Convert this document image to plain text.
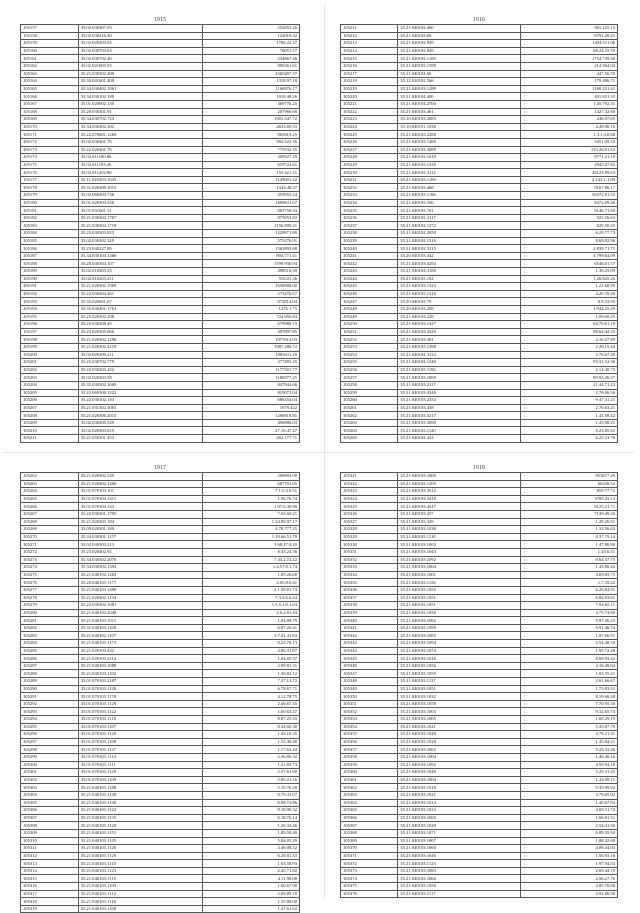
1915
105157	35.02.030307.03	252855.26
105158	35.02.030216.30	122019.32
105159	35.02.020203.02	1706.22.37
105160	35.02.030703.63	76051.57
105161	35.02.030702.46	234867.48
105162	35.02.021003.93	896361.61
105163	35.21.030302.409	2365497.57
105164	35.30.041601.400	1318.97.18
105165	35.34.030402.1861	1166976.17
105166	35.34.030102.189	1018.48.26
105167	35.01.020602.130	469776.25
105168	35.20.030301.91	207966.68
105169	35.34.030702.723	1901.547.72
105170	35.34.030302.102	2633.69.53
105171	35.22.070601.1269	865819.25
105172	35.02.030401.76	992.522.36
105173	35.22.020401.76	775932.35
105174	35.02.011100.86	209527.29
105175	35.02.011103.26	619722.61
105176	35.02.011202.80	155.421.31
105177	35.11.020203.1045	1149601.42
105178	35.31.020200.1015	1343.48.37
105179	35.02.060203.736	459955.24
105180	35.01.020303.336	1688611.67
105181	35.01.031601.51	865758.33
105182	35.21.030304.1767	875653.82
105183	35.21.030304.1719	1156.899.21
105184	35.25.030303.823	1229971.80
105185	35.02.030202.329	575276.91
105186	35.23.040227.89	1562893.68
105187	35.34.030104.1466	804.771.41
105188	35.20.040304.107	1599.936.94
105189	35.02.010203.23	498516.39
105190	35.02.010203.211	916.01.36
105191	35.21.020302.1969	1658908.00
105192	35.22.030204.461	273276.67
105193	35.35.020601.67	872814.04
105194	35.35.030401.1761	1276.1.75
105195	35.25.020502.298	724.956.84
105196	35.25.030208.45	679988.19
105197	35.23.020305.666	497897.85
105198	35.21.020302.1296	1977614.03
105199	35.21.020302.4219	1987.286.72
105200	35.02.020209.211	1083411.29
105201	35.25.030702.779	477495.45
105202	35.22.030203.422	1177301.77
105203	35.02.020303.58	1186977.25
105204	35.35.030302.1669	847944.66
105205	35.22.060306.1222	819072.04
105206	35.22.030102.110	686354.04
105207	35.21.031302.1063	1679.422
105208	35.21.020306.2015	1286818.81
105209	35.02.030209.549	496886.03
105210	35.02.020303.819	27.16.47.47
105211	35.21.050101.453	262.177.71
1916
105211	35.21.040102.460	961.125.13
105212	35.21.040103.66	6791.20.21
105213	35.21.020102.849	1494.511.06
105214	35.21.040102.849	68.24.35.70
105215	35.21.020102.1109	1754.739.40
105216	35.21.040103.1599	214.564.04
105217	35.21.040104.60	447.56.59
105218	35.12.020102.566	179.486.71
105219	35.21.040103.1289	1168.251.41
105220	35.21.040104.400	491.651.35
105221	35.21.040104.2700	1.45.792.31
105222	35.21.040103.461	1427.32.60
105223	35.10.040103.2085	246.97.65
105224	35.10.040101.1030	4.49.96.16
105225	35.21.040103.2288	1.3.1.3.0.68
105226	35.21.040103.1460	3451.09.33
105227	35.21.040103.3089	153.26.01.63
105228	35.21.040103.1019	8771.21.19
105229	35.21.040103.1339	2945.07.82
105230	35.21.040103.3112	26123.89.63
105231	35.21.040103.1169	2.143.1.1.09
105232	35.21.040103.468	9167.86.17
105233	35.21.040103.1166	56372.81.55
105234	35.21.040103.166	8472.09.46
105235	35.21.040103.701	9146.71.69
105236	35.21.040102.3117	925.56.63
105237	35.21.040102.1272	629.50.25
105238	35.21.040102.2950	6.29.77.73
105239	35.21.040102.1316	8.69.92.96
105240	35.21.040102.3315	2.839.71.71
105241	35.20.040103.342	4.799.64.09
105242	35.21.040103.3294	6546.01.57
105243	35.21.040104.3180	1.36.25.09
105244	35.21.040103.182	1.20.825.26
105245	35.21.040103.1323	1.21.68.99
105246	35.21.040103.1316	4.20.70.40
105247	35.20.040103.79	8.9.33.95
105248	35.20.040103.208	1.944.25.29
105249	35.21.040103.228	1.09.60.25
105250	35.21.040103.1427	64.70.61.19
105251	35.21.040103.3220	98.64.44.33
105252	35.21.040103.301	4.16.27.89
105253	35.21.040103.1398	2.26.15.44
105254	35.21.040104.3122	2.76.67.40
105255	35.21.040104.1246	93.31.52.36
105256	35.21.040103.1106	2.14.40.73
105257	35.21.040103.1069	89.93.26.27
105258	35.21.040103.2117	21.44.71.23
105259	35.21.040103.4346	2.76.06.56
105260	35.21.040103.2333	9.47.31.21
105261	35.21.040103.438	2.76.63.21
105262	35.21.040103.3217	1.41.58.42
105263	35.21.040103.3098	1.45.90.21
105264	35.21.040103.1120	8.23.85.65
105265	35.21.040104.423	6.25.21.76
1917
105262	35.21.020302.549	206994.90
105263	35.21.020402.1400	667701.05
105264	35.01.070103.101	7 1.0.4.0.51
105265	35.01.070104.1411	1.96.76.74
105266	35.01.070104.143	1.97.6.30.90
105267	35.22.030201.1795	7.03.60.21
105268	35.21.020303.184	1.24.89.97.17
105269	35.09.020301.180	2.78.777.25
105270	35.34.030301.1157	1.19.66.51.78
105271	35.02.030303.213	3.68.47.9.20
105272	35.23.020402.92	8.43.24.36
105273	35.34.030302.2070	7.43.2.72.22
105274	35.34.030302.1394	1.4.57.8.1.74
105275	35.21.040102.1263	1.89.26.68
105276	35.20.040103.1177	2.05.8.0.41
105277	35.21.040103.1490	2.1.50.81.74
105278	35.21.020402.1134	7.3.9.6.6.44
105279	35.22.030302.1081	1.5.5.1.8.1.63
105280	35.21.040103.2048	2.6.2.81.43
105281	35.21.040103.1011	1.04.88.79
105282	35.31.040103.1108	6.87.26.41
105283	35.21.040102.1107	1.7.01.41.83
105284	35.21.040103.1173	8.23.76.13
105285	35.21.020103.432	4.86.31.87
105286	35.21.020103.2114	1.04.85.37
105287	35.21.040103.1088	2.99.81.31
105288	35.21.040103.1102	1.36.82.12
105289	35.01.070103.2107	7.27.13.72
105290	35.01.070103.1126	6.78.67.71
105291	35.01.070103.1178	4.12.78.75
105292	35.01.070103.1129	2.46.67.35
105293	35.01.070103.1122	1.60.63.37
105294	35.01.070103.1118	8.87.25.33
105295	35.01.070103.1107	8.34.60.38
105296	35.01.070103.1120	1.43.10.35
105297	35.01.070103.1108	1.52.40.48
105298	35.01.070103.1137	1.17.63.43
105299	35.01.070103.1114	2.36.86.32
105300	35.01.070103.1111	1.21.83.73
105301	35.01.070103.1129	2.57.61.90
105302	35.01.070103.1109	2.80.21.16
105303	35.21.040103.1188	5.10.76.28
105304	35.21.040103.1149	8.79.41.07
105305	35.21.040103.1140	6.08.72.86
105306	35.21.040103.1122	8.18.90.32
105307	35.21.040103.1135	6.18.70.14
105308	35.21.040103.1120	1.26.33.46
105309	35.21.040103.1151	1.89.58.40
105310	35.21.040103.1145	5.84.05.29
105311	35.21.040103.1126	3.46.08.52
105312	35.21.040103.1129	6.28.81.33
105313	35.21.040103.1110	1.63.58.93
105314	35.21.040103.1123	2.45.71.82
105315	35.21.040103.1115	4.11.98.08
105316	35.21.040103.1103	1.60.67.98
105317	35.21.040103.1112	2.09.89.18
105318	35.21.040103.1116	1.35.88.00
105319	35.21.040103.1108	1.47.61.62
1918
105321	35.21.040103.1000	853677.29
105322	35.21.040103.1200	66238.52
105323	35.21.040103.3512	859.77.72
105324	35.21.040103.3418	3789.43.13
105325	35.21.040103.4317	6125.21.71
105326	35.21.040103.257	7139.49.26
105327	35.21.040103.328	1.28.26.51
105328	35.21.040103.1038	1.32.56.63
105329	35.21.040103.1110	4.37.79.14
105330	35.21.040103.1003	1.47.86.90
105331	35.21.040103.1043	1.43.6.51
105332	35.21.040103.1092	9.64.37.75
105333	35.21.040103.1004	1.43.80.42
105334	35.21.040103.1001	4.69.83.75
105335	35.21.040103.1156	1.7.35.22
105336	35.21.040103.1055	6.26.84.91
105337	35.21.040103.1051	6.84.83.61
105338	35.21.040103.1051	7.84.65.11
105339	35.21.040103.1050	4.75.74.80
105340	35.21.040103.1082	9.97.26.23
105341	35.21.040103.1099	9.91.46.74
105342	35.21.040103.1085	1.87.66.91
105343	35.21.040103.1094	2.54.48.34
105344	35.21.040103.1074	1.95.72.28
105345	35.21.040103.1016	8.69.93.42
105346	35.21.040103.1056	4.16.49.64
105347	35.21.040103.1059	1.94.55.21
105348	35.21.040103.1137	2.61.66.67
105349	35.21.040103.1051	1.75.83.31
105350	35.21.040103.1032	8.19.66.28
105351	35.21.040103.1058	7.70.95.30
105352	35.21.040103.1003	9.32.65.74
105353	35.21.040103.1005	1.68.29.19
105354	35.21.040103.1021	5.35.87.70
105355	35.21.040103.1048	4.78.21.31
105356	35.21.040103.1028	1.45.84.21
105357	35.21.040103.1062	9.23.32.46
105358	35.21.040103.1004	1.40.40.16
105359	35.21.040103.1092	4.59.94.18
105360	35.21.040103.1048	5.29.31.45
105361	35.21.040103.1004	1.24.58.11
105362	35.21.040103.1018	9.35.99.92
105363	35.21.040103.1021	4.79.65.02
105364	35.21.040103.1014	1.46.67.84
105365	35.21.040103.1023	4.69.31.74
105366	35.21.040103.1060	1.66.81.51
105367	35.21.040103.1029	2.54.41.56
105368	35.21.040103.1071	6.89.35.92
105369	35.21.040103.1007	1.88.42.68
105370	35.21.040103.1060	4.08.44.03
105371	35.21.040103.1046	1.56.93.16
105372	35.21.040103.1123	1.97.94.53
105373	35.21.040103.1083	2.69.44.19
105374	35.21.040103.1066	2.56.27.76
105375	35.21.040103.1056	4.85.70.66
105376	35.21.040103.1117	3.92.86.90
